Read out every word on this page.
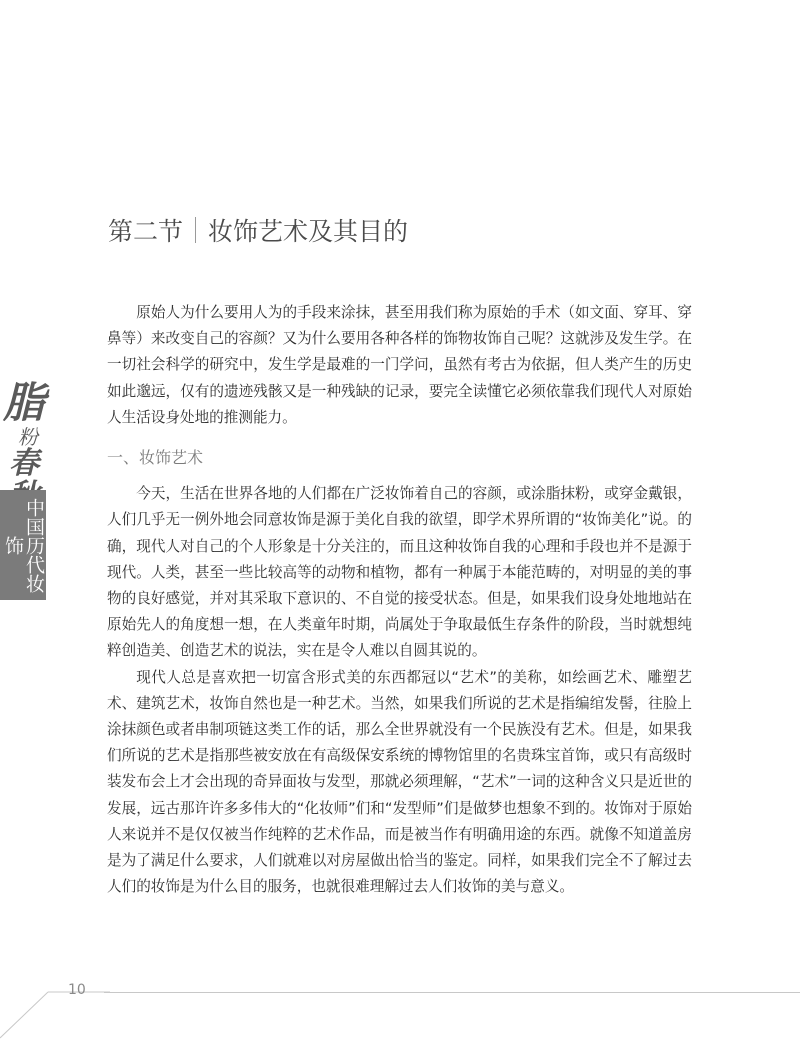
第二节 妆饰艺术及其目的

原始人为什么要用人为的手段来涂抹，甚至用我们称为原始的手术（如文面、穿耳、穿鼻等）来改变自己的容颜？又为什么要用各种各样的饰物妆饰自己呢？这就涉及发生学。在一切社会科学的研究中，发生学是最难的一门学问，虽然有考古为依据，但人类产生的历史如此邈远，仅有的遗迹残骸又是一种残缺的记录，要完全读懂它必须依靠我们现代人对原始人生活设身处地的推测能力。

一、妆饰艺术

今天，生活在世界各地的人们都在广泛妆饰着自己的容颜，或涂脂抹粉，或穿金戴银，人们几乎无一例外地会同意妆饰是源于美化自我的欲望，即学术界所谓的“妆饰美化”说。的确，现代人对自己的个人形象是十分关注的，而且这种妆饰自我的心理和手段也并不是源于现代。人类，甚至一些比较高等的动物和植物，都有一种属于本能范畴的，对明显的美的事物的良好感觉，并对其采取下意识的、不自觉的接受状态。但是，如果我们设身处地地站在原始先人的角度想一想，在人类童年时期，尚属处于争取最低生存条件的阶段，当时就想纯粹创造美、创造艺术的说法，实在是令人难以自圆其说的。

现代人总是喜欢把一切富含形式美的东西都冠以“艺术”的美称，如绘画艺术、雕塑艺术、建筑艺术，妆饰自然也是一种艺术。当然，如果我们所说的艺术是指编绾发髻，往脸上涂抹颜色或者串制项链这类工作的话，那么全世界就没有一个民族没有艺术。但是，如果我们所说的艺术是指那些被安放在有高级保安系统的博物馆里的名贵珠宝首饰，或只有高级时装发布会上才会出现的奇异面妆与发型，那就必须理解，“艺术”一词的这种含义只是近世的发展，远古那许许多多伟大的“化妆师”们和“发型师”们是做梦也想象不到的。妆饰对于原始人来说并不是仅仅被当作纯粹的艺术作品，而是被当作有明确用途的东西。就像不知道盖房是为了满足什么要求，人们就难以对房屋做出恰当的鉴定。同样，如果我们完全不了解过去人们的妆饰是为什么目的服务，也就很难理解过去人们妆饰的美与意义。

脂
粉
春
中国历代妆饰
10
